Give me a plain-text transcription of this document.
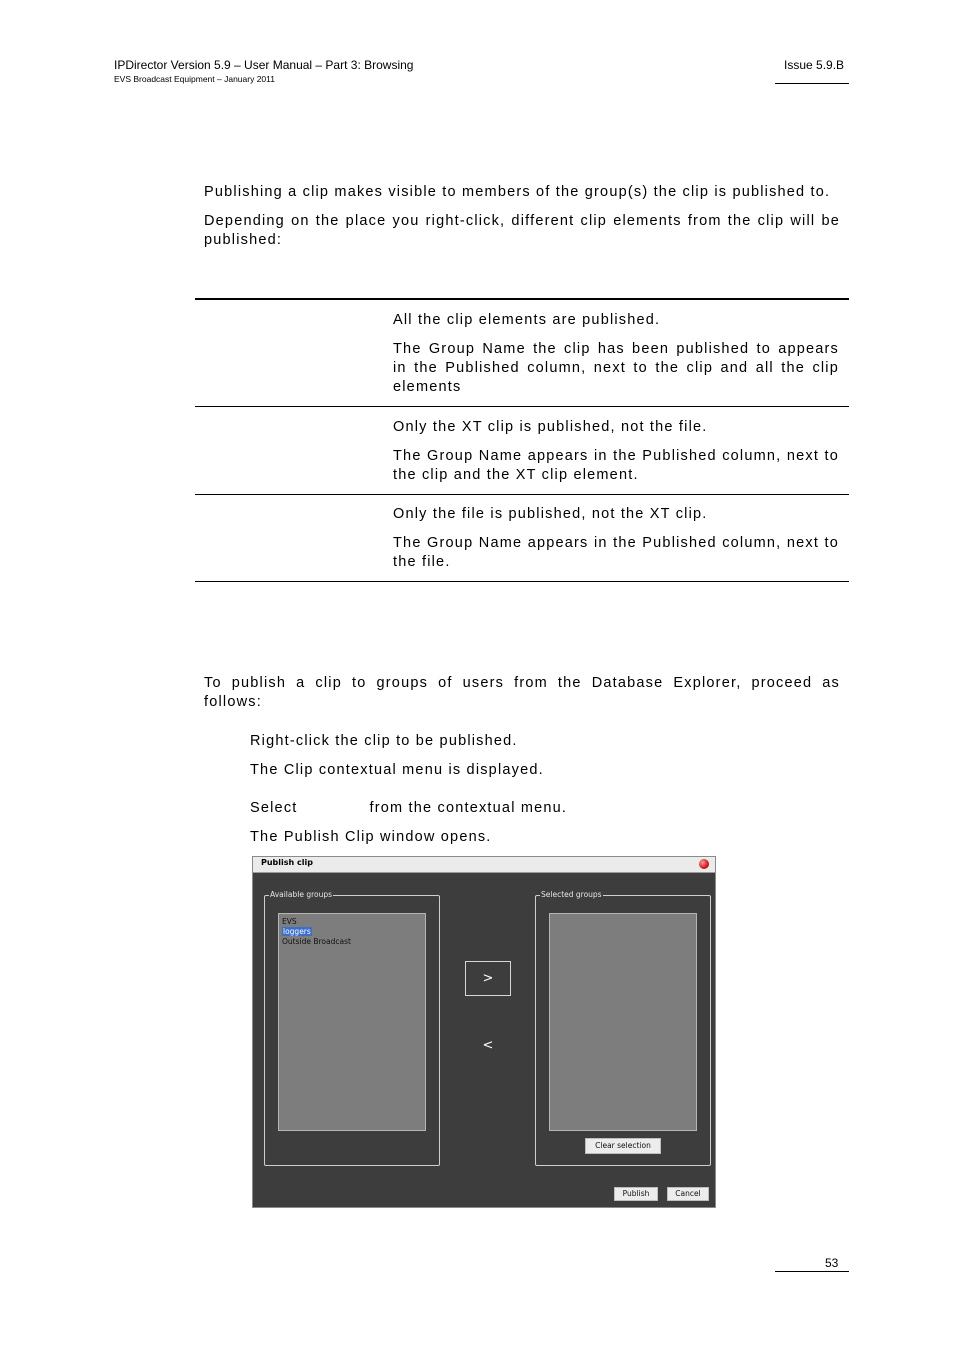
IPDirector Version 5.9 – User Manual – Part 3: Browsing
EVS Broadcast Equipment – January 2011
Issue 5.9.B
Publishing a clip makes visible to members of the group(s) the clip is published to.
Depending on the place you right-click, different clip elements from the clip will be published:
All the clip elements are published.
The Group Name the clip has been published to appears in the Published column, next to the clip and all the clip elements
Only the XT clip is published, not the file.
The Group Name appears in the Published column, next to the clip and the XT clip element.
Only the file is published, not the XT clip.
The Group Name appears in the Published column, next to the file.
To publish a clip to groups of users from the Database Explorer, proceed as follows:
Right-click the clip to be published.
The Clip contextual menu is displayed.
Select	from the contextual menu.
The Publish Clip window opens.
Publish clip
Available groups
EVS
loggers
Outside Broadcast
>
<
Selected groups
Clear selection
Publish	Cancel
53
